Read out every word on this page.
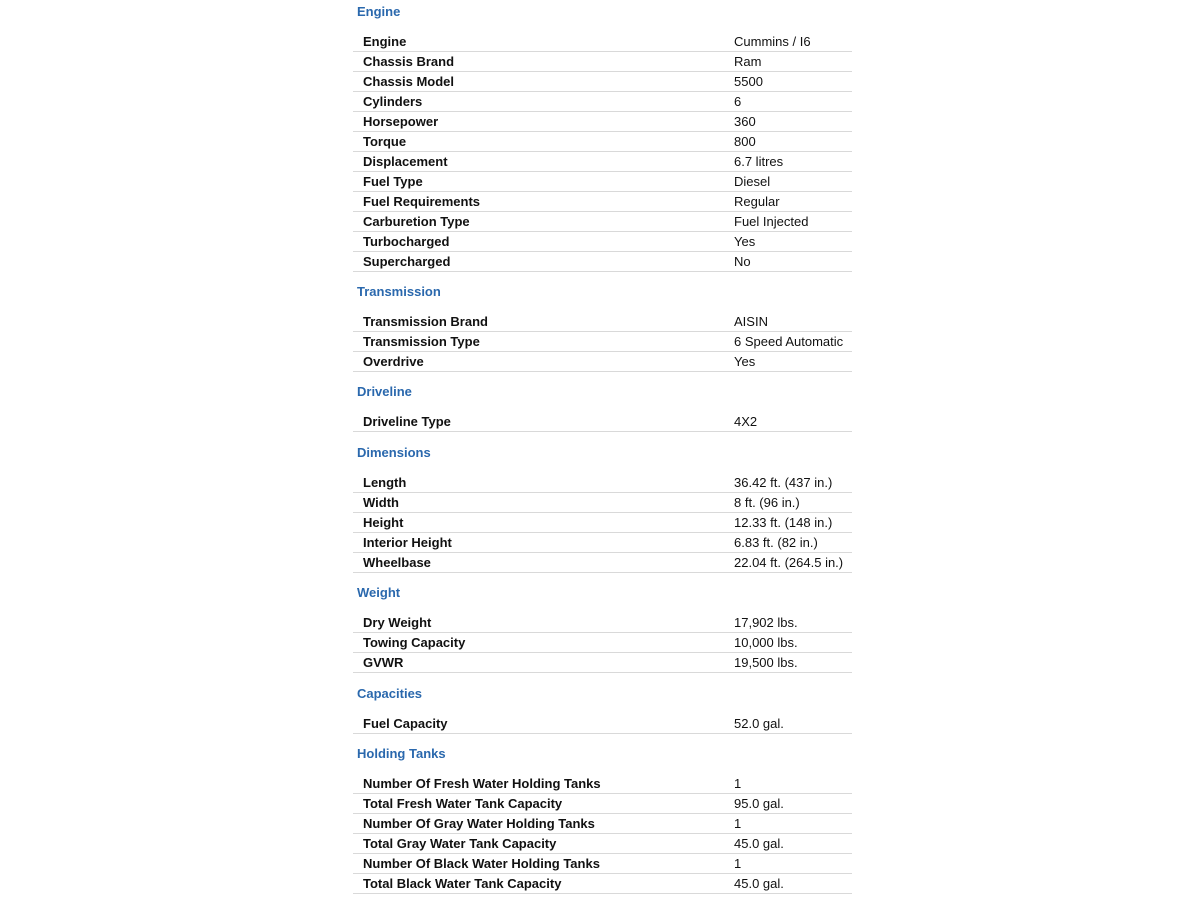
Engine
Engine	Cummins / I6
Chassis Brand	Ram
Chassis Model	5500
Cylinders	6
Horsepower	360
Torque	800
Displacement	6.7 litres
Fuel Type	Diesel
Fuel Requirements	Regular
Carburetion Type	Fuel Injected
Turbocharged	Yes
Supercharged	No
Transmission
Transmission Brand	AISIN
Transmission Type	6 Speed Automatic
Overdrive	Yes
Driveline
Driveline Type	4X2
Dimensions
Length	36.42 ft. (437 in.)
Width	8 ft. (96 in.)
Height	12.33 ft. (148 in.)
Interior Height	6.83 ft. (82 in.)
Wheelbase	22.04 ft. (264.5 in.)
Weight
Dry Weight	17,902 lbs.
Towing Capacity	10,000 lbs.
GVWR	19,500 lbs.
Capacities
Fuel Capacity	52.0 gal.
Holding Tanks
Number Of Fresh Water Holding Tanks	1
Total Fresh Water Tank Capacity	95.0 gal.
Number Of Gray Water Holding Tanks	1
Total Gray Water Tank Capacity	45.0 gal.
Number Of Black Water Holding Tanks	1
Total Black Water Tank Capacity	45.0 gal.
